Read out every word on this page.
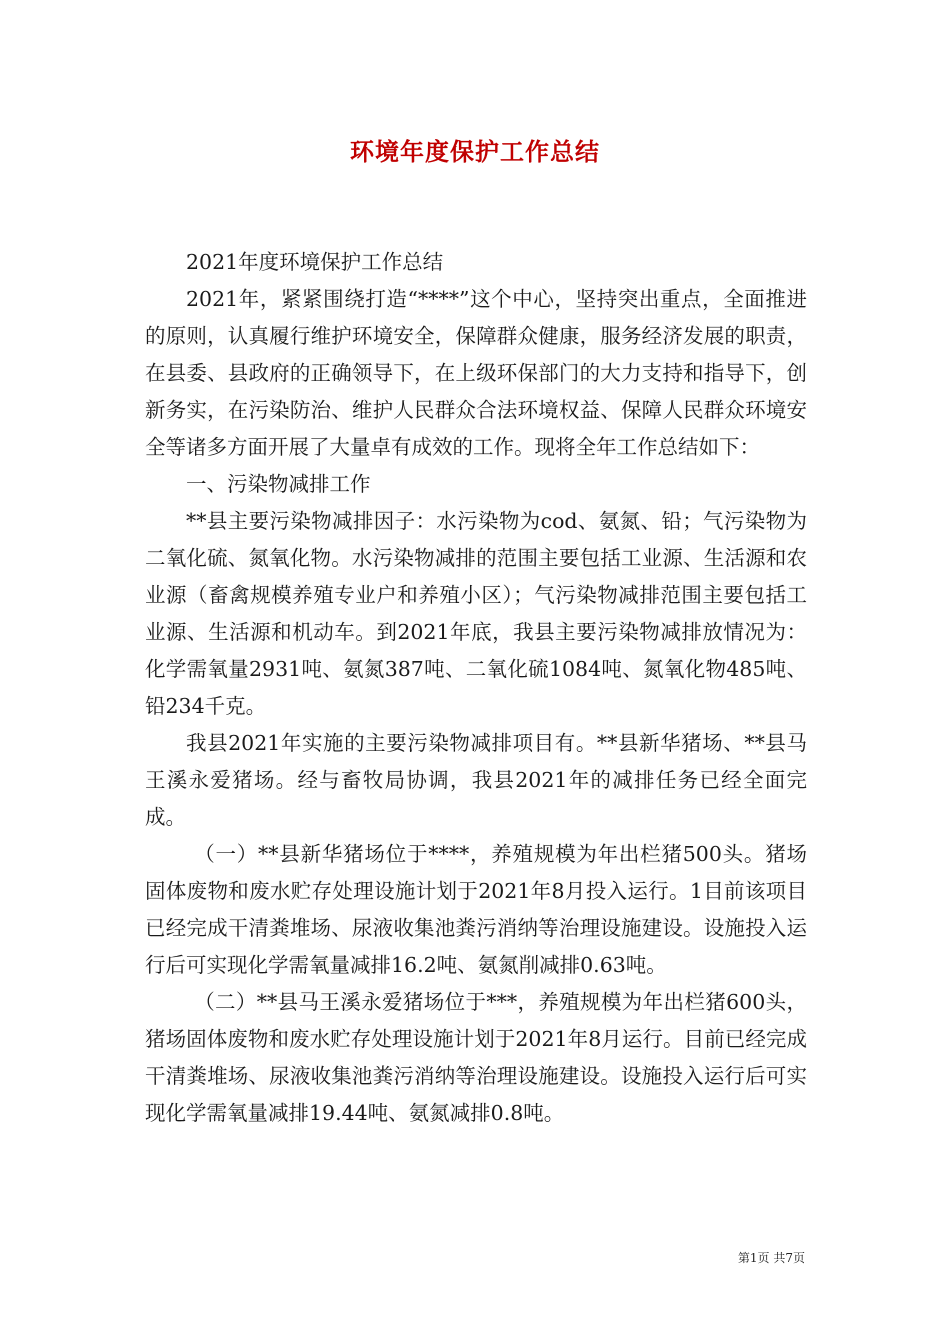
环境年度保护工作总结

2021年度环境保护工作总结

2021年，紧紧围绕打造“****”这个中心，坚持突出重点，全面推进的原则，认真履行维护环境安全，保障群众健康，服务经济发展的职责，在县委、县政府的正确领导下，在上级环保部门的大力支持和指导下，创新务实，在污染防治、维护人民群众合法环境权益、保障人民群众环境安全等诸多方面开展了大量卓有成效的工作。现将全年工作总结如下：

一、污染物减排工作

**县主要污染物减排因子：水污染物为cod、氨氮、铅；气污染物为二氧化硫、氮氧化物。水污染物减排的范围主要包括工业源、生活源和农业源（畜禽规模养殖专业户和养殖小区）；气污染物减排范围主要包括工业源、生活源和机动车。到2021年底，我县主要污染物减排放情况为：化学需氧量2931吨、氨氮387吨、二氧化硫1084吨、氮氧化物485吨、铅234千克。

我县2021年实施的主要污染物减排项目有。**县新华猪场、**县马王溪永爱猪场。经与畜牧局协调，我县2021年的减排任务已经全面完成。

（一）**县新华猪场位于****，养殖规模为年出栏猪500头。猪场固体废物和废水贮存处理设施计划于2021年8月投入运行。1目前该项目已经完成干清粪堆场、尿液收集池粪污消纳等治理设施建设。设施投入运行后可实现化学需氧量减排16.2吨、氨氮削减排0.63吨。

（二）**县马王溪永爱猪场位于***，养殖规模为年出栏猪600头，猪场固体废物和废水贮存处理设施计划于2021年8月运行。目前已经完成干清粪堆场、尿液收集池粪污消纳等治理设施建设。设施投入运行后可实现化学需氧量减排19.44吨、氨氮减排0.8吨。

第1页 共7页
